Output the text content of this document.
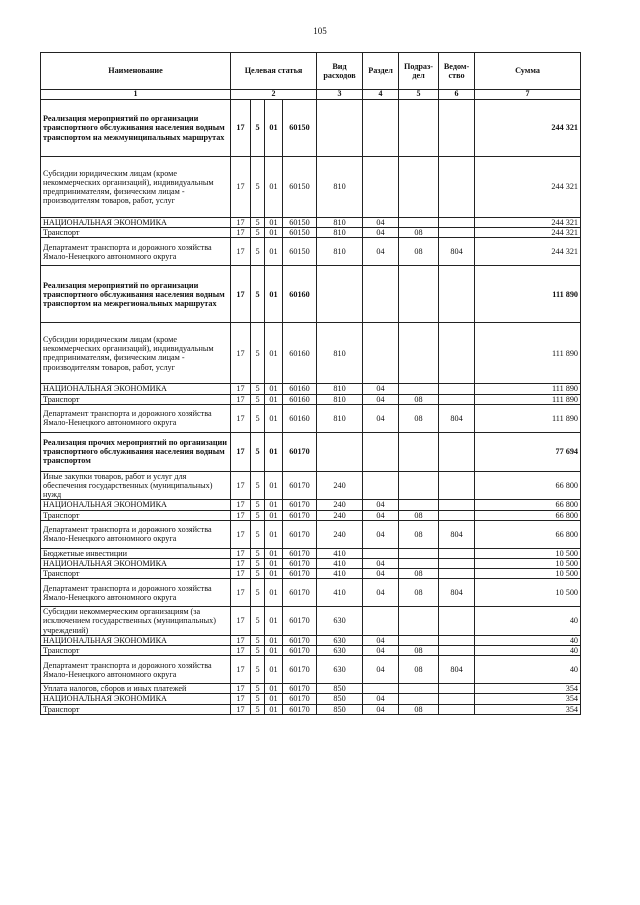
105
Наименование	Целевая статья				Вид расходов	Раздел	Подраз-дел	Ведом-ство	Сумма
1	2				3	4	5	6	7
Реализация мероприятий по организации транспортного обслуживания населения водным транспортом на межмуниципальных маршрутах	17	5	01	60150					244 321
Субсидии юридическим лицам (кроме некоммерческих организаций), индивидуальным предпринимателям, физическим лицам - производителям товаров, работ, услуг	17	5	01	60150	810				244 321
НАЦИОНАЛЬНАЯ ЭКОНОМИКА	17	5	01	60150	810	04			244 321
Транспорт	17	5	01	60150	810	04	08		244 321
Департамент транспорта и дорожного хозяйства Ямало-Ненецкого автономного округа	17	5	01	60150	810	04	08	804	244 321
Реализация мероприятий по организации транспортного обслуживания населения водным транспортом на межрегиональных маршрутах	17	5	01	60160					111 890
Субсидии юридическим лицам (кроме некоммерческих организаций), индивидуальным предпринимателям, физическим лицам - производителям товаров, работ, услуг	17	5	01	60160	810				111 890
НАЦИОНАЛЬНАЯ ЭКОНОМИКА	17	5	01	60160	810	04			111 890
Транспорт	17	5	01	60160	810	04	08		111 890
Департамент транспорта и дорожного хозяйства Ямало-Ненецкого автономного округа	17	5	01	60160	810	04	08	804	111 890
Реализация прочих мероприятий по организации транспортного обслуживания населения водным транспортом	17	5	01	60170					77 694
Иные закупки товаров, работ и услуг для обеспечения государственных (муниципальных) нужд	17	5	01	60170	240				66 800
НАЦИОНАЛЬНАЯ ЭКОНОМИКА	17	5	01	60170	240	04			66 800
Транспорт	17	5	01	60170	240	04	08		66 800
Департамент транспорта и дорожного хозяйства Ямало-Ненецкого автономного округа	17	5	01	60170	240	04	08	804	66 800
Бюджетные инвестиции	17	5	01	60170	410				10 500
НАЦИОНАЛЬНАЯ ЭКОНОМИКА	17	5	01	60170	410	04			10 500
Транспорт	17	5	01	60170	410	04	08		10 500
Департамент транспорта и дорожного хозяйства Ямало-Ненецкого автономного округа	17	5	01	60170	410	04	08	804	10 500
Субсидии некоммерческим организациям (за исключением государственных (муниципальных) учреждений)	17	5	01	60170	630				40
НАЦИОНАЛЬНАЯ ЭКОНОМИКА	17	5	01	60170	630	04			40
Транспорт	17	5	01	60170	630	04	08		40
Департамент транспорта и дорожного хозяйства Ямало-Ненецкого автономного округа	17	5	01	60170	630	04	08	804	40
Уплата налогов, сборов и иных платежей	17	5	01	60170	850				354
НАЦИОНАЛЬНАЯ ЭКОНОМИКА	17	5	01	60170	850	04			354
Транспорт	17	5	01	60170	850	04	08		354
